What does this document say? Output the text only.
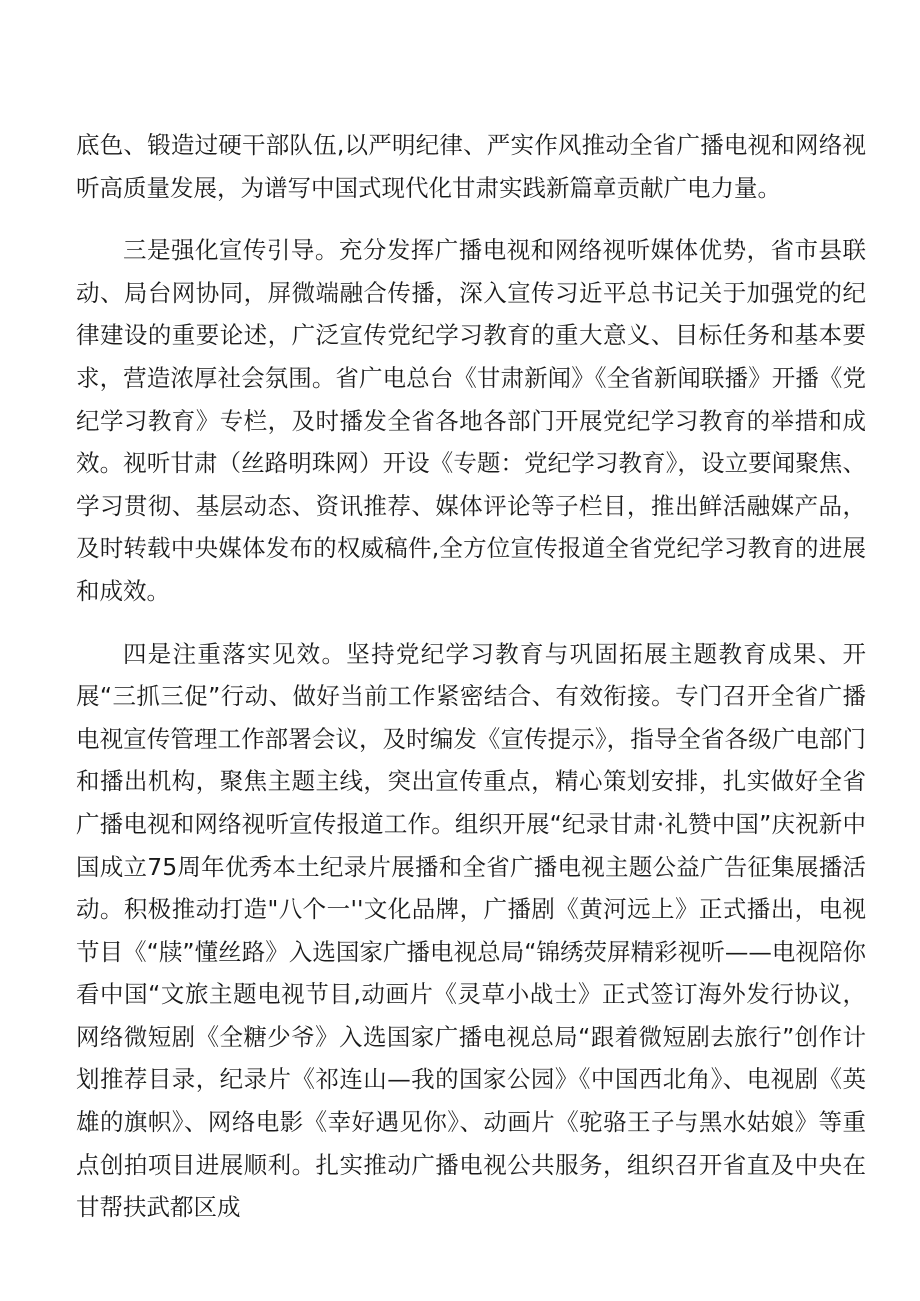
底色、锻造过硬干部队伍,以严明纪律、严实作风推动全省广播电视和网络视听高质量发展，为谱写中国式现代化甘肃实践新篇章贡献广电力量。

三是强化宣传引导。充分发挥广播电视和网络视听媒体优势，省市县联动、局台网协同，屏微端融合传播，深入宣传习近平总书记关于加强党的纪律建设的重要论述，广泛宣传党纪学习教育的重大意义、目标任务和基本要求，营造浓厚社会氛围。省广电总台《甘肃新闻》《全省新闻联播》开播《党纪学习教育》专栏，及时播发全省各地各部门开展党纪学习教育的举措和成效。视听甘肃（丝路明珠网）开设《专题：党纪学习教育》，设立要闻聚焦、学习贯彻、基层动态、资讯推荐、媒体评论等子栏目，推出鲜活融媒产品，及时转载中央媒体发布的权威稿件,全方位宣传报道全省党纪学习教育的进展和成效。

四是注重落实见效。坚持党纪学习教育与巩固拓展主题教育成果、开展“三抓三促”行动、做好当前工作紧密结合、有效衔接。专门召开全省广播电视宣传管理工作部署会议，及时编发《宣传提示》，指导全省各级广电部门和播出机构，聚焦主题主线，突出宣传重点，精心策划安排，扎实做好全省广播电视和网络视听宣传报道工作。组织开展“纪录甘肃·礼赞中国”庆祝新中国成立75周年优秀本土纪录片展播和全省广播电视主题公益广告征集展播活动。积极推动打造"八个一''文化品牌，广播剧《黄河远上》正式播出，电视节目《“牍”懂丝路》入选国家广播电视总局“锦绣荧屏精彩视听——电视陪你看中国“文旅主题电视节目,动画片《灵草小战士》正式签订海外发行协议，网络微短剧《全糖少爷》入选国家广播电视总局“跟着微短剧去旅行”创作计划推荐目录，纪录片《祁连山—我的国家公园》《中国西北角》、电视剧《英雄的旗帜》、网络电影《幸好遇见你》、动画片《驼骆王子与黑水姑娘》等重点创拍项目进展顺利。扎实推动广播电视公共服务，组织召开省直及中央在甘帮扶武都区成
